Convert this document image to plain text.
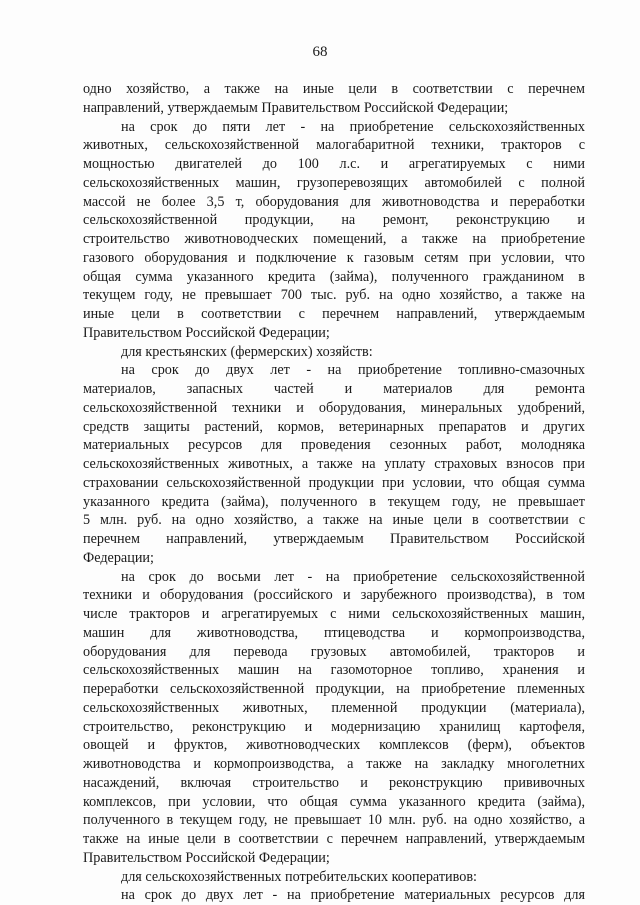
68
одно хозяйство, а также на иные цели в соответствии с перечнем
направлений, утверждаемым Правительством Российской Федерации;
на срок до пяти лет - на приобретение сельскохозяйственных
животных, сельскохозяйственной малогабаритной техники, тракторов с
мощностью двигателей до 100 л.с. и агрегатируемых с ними
сельскохозяйственных машин, грузоперевозящих автомобилей с полной
массой не более 3,5 т, оборудования для животноводства и переработки
сельскохозяйственной продукции, на ремонт, реконструкцию и
строительство животноводческих помещений, а также на приобретение
газового оборудования и подключение к газовым сетям при условии, что
общая сумма указанного кредита (займа), полученного гражданином в
текущем году, не превышает 700 тыс. руб. на одно хозяйство, а также на
иные цели в соответствии с перечнем направлений, утверждаемым
Правительством Российской Федерации;
для крестьянских (фермерских) хозяйств:
на срок до двух лет - на приобретение топливно-смазочных
материалов, запасных частей и материалов для ремонта
сельскохозяйственной техники и оборудования, минеральных удобрений,
средств защиты растений, кормов, ветеринарных препаратов и других
материальных ресурсов для проведения сезонных работ, молодняка
сельскохозяйственных животных, а также на уплату страховых взносов при
страховании сельскохозяйственной продукции при условии, что общая сумма
указанного кредита (займа), полученного в текущем году, не превышает
5 млн. руб. на одно хозяйство, а также на иные цели в соответствии с
перечнем направлений, утверждаемым Правительством Российской
Федерации;
на срок до восьми лет - на приобретение сельскохозяйственной
техники и оборудования (российского и зарубежного производства), в том
числе тракторов и агрегатируемых с ними сельскохозяйственных машин,
машин для животноводства, птицеводства и кормопроизводства,
оборудования для перевода грузовых автомобилей, тракторов и
сельскохозяйственных машин на газомоторное топливо, хранения и
переработки сельскохозяйственной продукции, на приобретение племенных
сельскохозяйственных животных, племенной продукции (материала),
строительство, реконструкцию и модернизацию хранилищ картофеля,
овощей и фруктов, животноводческих комплексов (ферм), объектов
животноводства и кормопроизводства, а также на закладку многолетних
насаждений, включая строительство и реконструкцию прививочных
комплексов, при условии, что общая сумма указанного кредита (займа),
полученного в текущем году, не превышает 10 млн. руб. на одно хозяйство, а
также на иные цели в соответствии с перечнем направлений, утверждаемым
Правительством Российской Федерации;
для сельскохозяйственных потребительских кооперативов:
на срок до двух лет - на приобретение материальных ресурсов для
